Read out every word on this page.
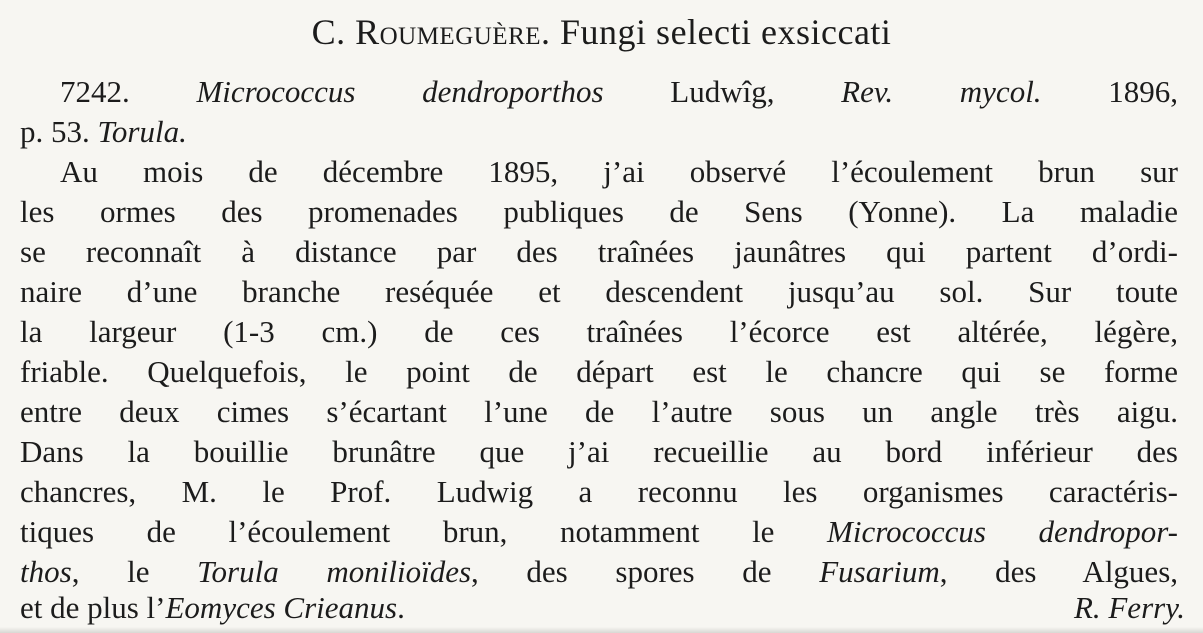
C. Roumeguère. Fungi selecti exsiccati
7242. Micrococcus dendroporthos Ludwîg, Rev. mycol. 1896,
p. 53. Torula.
Au mois de décembre 1895, j’ai observé l’écoulement brun sur
les ormes des promenades publiques de Sens (Yonne). La maladie
se reconnaît à distance par des traînées jaunâtres qui partent d’ordi-
naire d’une branche reséquée et descendent jusqu’au sol. Sur toute
la largeur (1-3 cm.) de ces traînées l’écorce est altérée, légère,
friable. Quelquefois, le point de départ est le chancre qui se forme
entre deux cimes s’écartant l’une de l’autre sous un angle très aigu.
Dans la bouillie brunâtre que j’ai recueillie au bord inférieur des
chancres, M. le Prof. Ludwig a reconnu les organismes caractéris-
tiques de l’écoulement brun, notamment le Micrococcus dendropor-
thos, le Torula moniliοïdes, des spores de Fusarium, des Algues,
et de plus l’Eomyces Crieanus.	R. Ferry.
